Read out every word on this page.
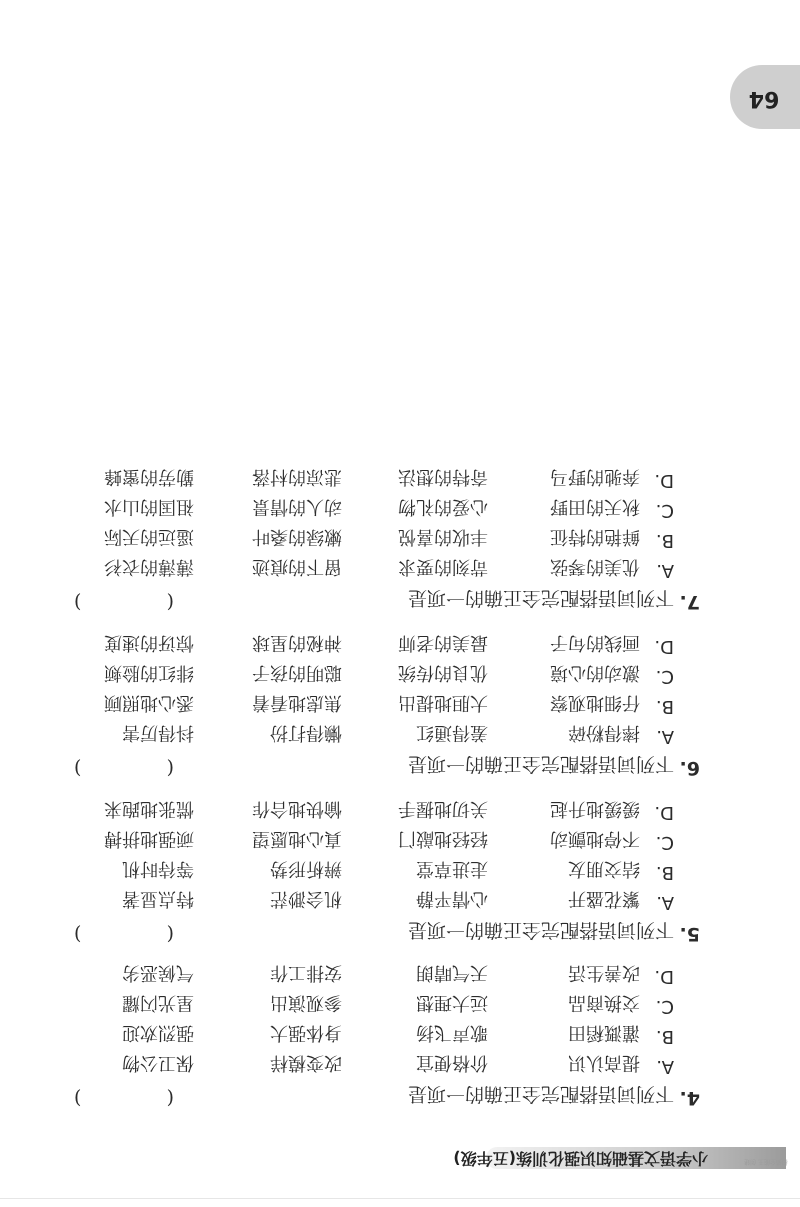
扫描全能王 创建
小学语文基础知识强化训练(五年级)
64
4.
下列词语搭配完全正确的一项是
(
)
A.
提高认识
价格便宜
改变模样
保卫公物
B.
灌溉稻田
歌声飞扬
身体强大
强烈欢迎
C.
交换商品
远大理想
参观演出
星光闪耀
D.
改善生活
天气晴朗
安排工作
气候恶劣
5.
下列词语搭配完全正确的一项是
(
)
A.
繁花盛开
心情平静
机会渺茫
特点显著
B.
结交朋友
走进草堂
辨析形势
等待时机
C.
不停地颤动
轻轻地敲门
真心地愿望
顽强地拼搏
D.
缓缓地升起
关切地握手
愉快地合作
慌张地跑来
6.
下列词语搭配完全正确的一项是
(
)
A.
摔得粉碎
羞得通红
懒得打扮
抖得厉害
B.
仔细地观察
大胆地提出
焦虑地看着
悉心地照顾
C.
激动的心境
优良的传统
聪明的孩子
绯红的脸颊
D.
画线的句子
最美的老师
神秘的星球
惊讶的速度
7.
下列词语搭配完全正确的一项是
(
)
A.
优美的琴弦
苛刻的要求
留下的痕迹
薄薄的衣衫
B.
鲜艳的特征
丰收的喜悦
嫩绿的桑叶
遥远的天际
C.
秋天的田野
心爱的礼物
动人的情景
祖国的山水
D.
奔驰的野马
奇特的想法
悲凉的村落
勤劳的蜜蜂
